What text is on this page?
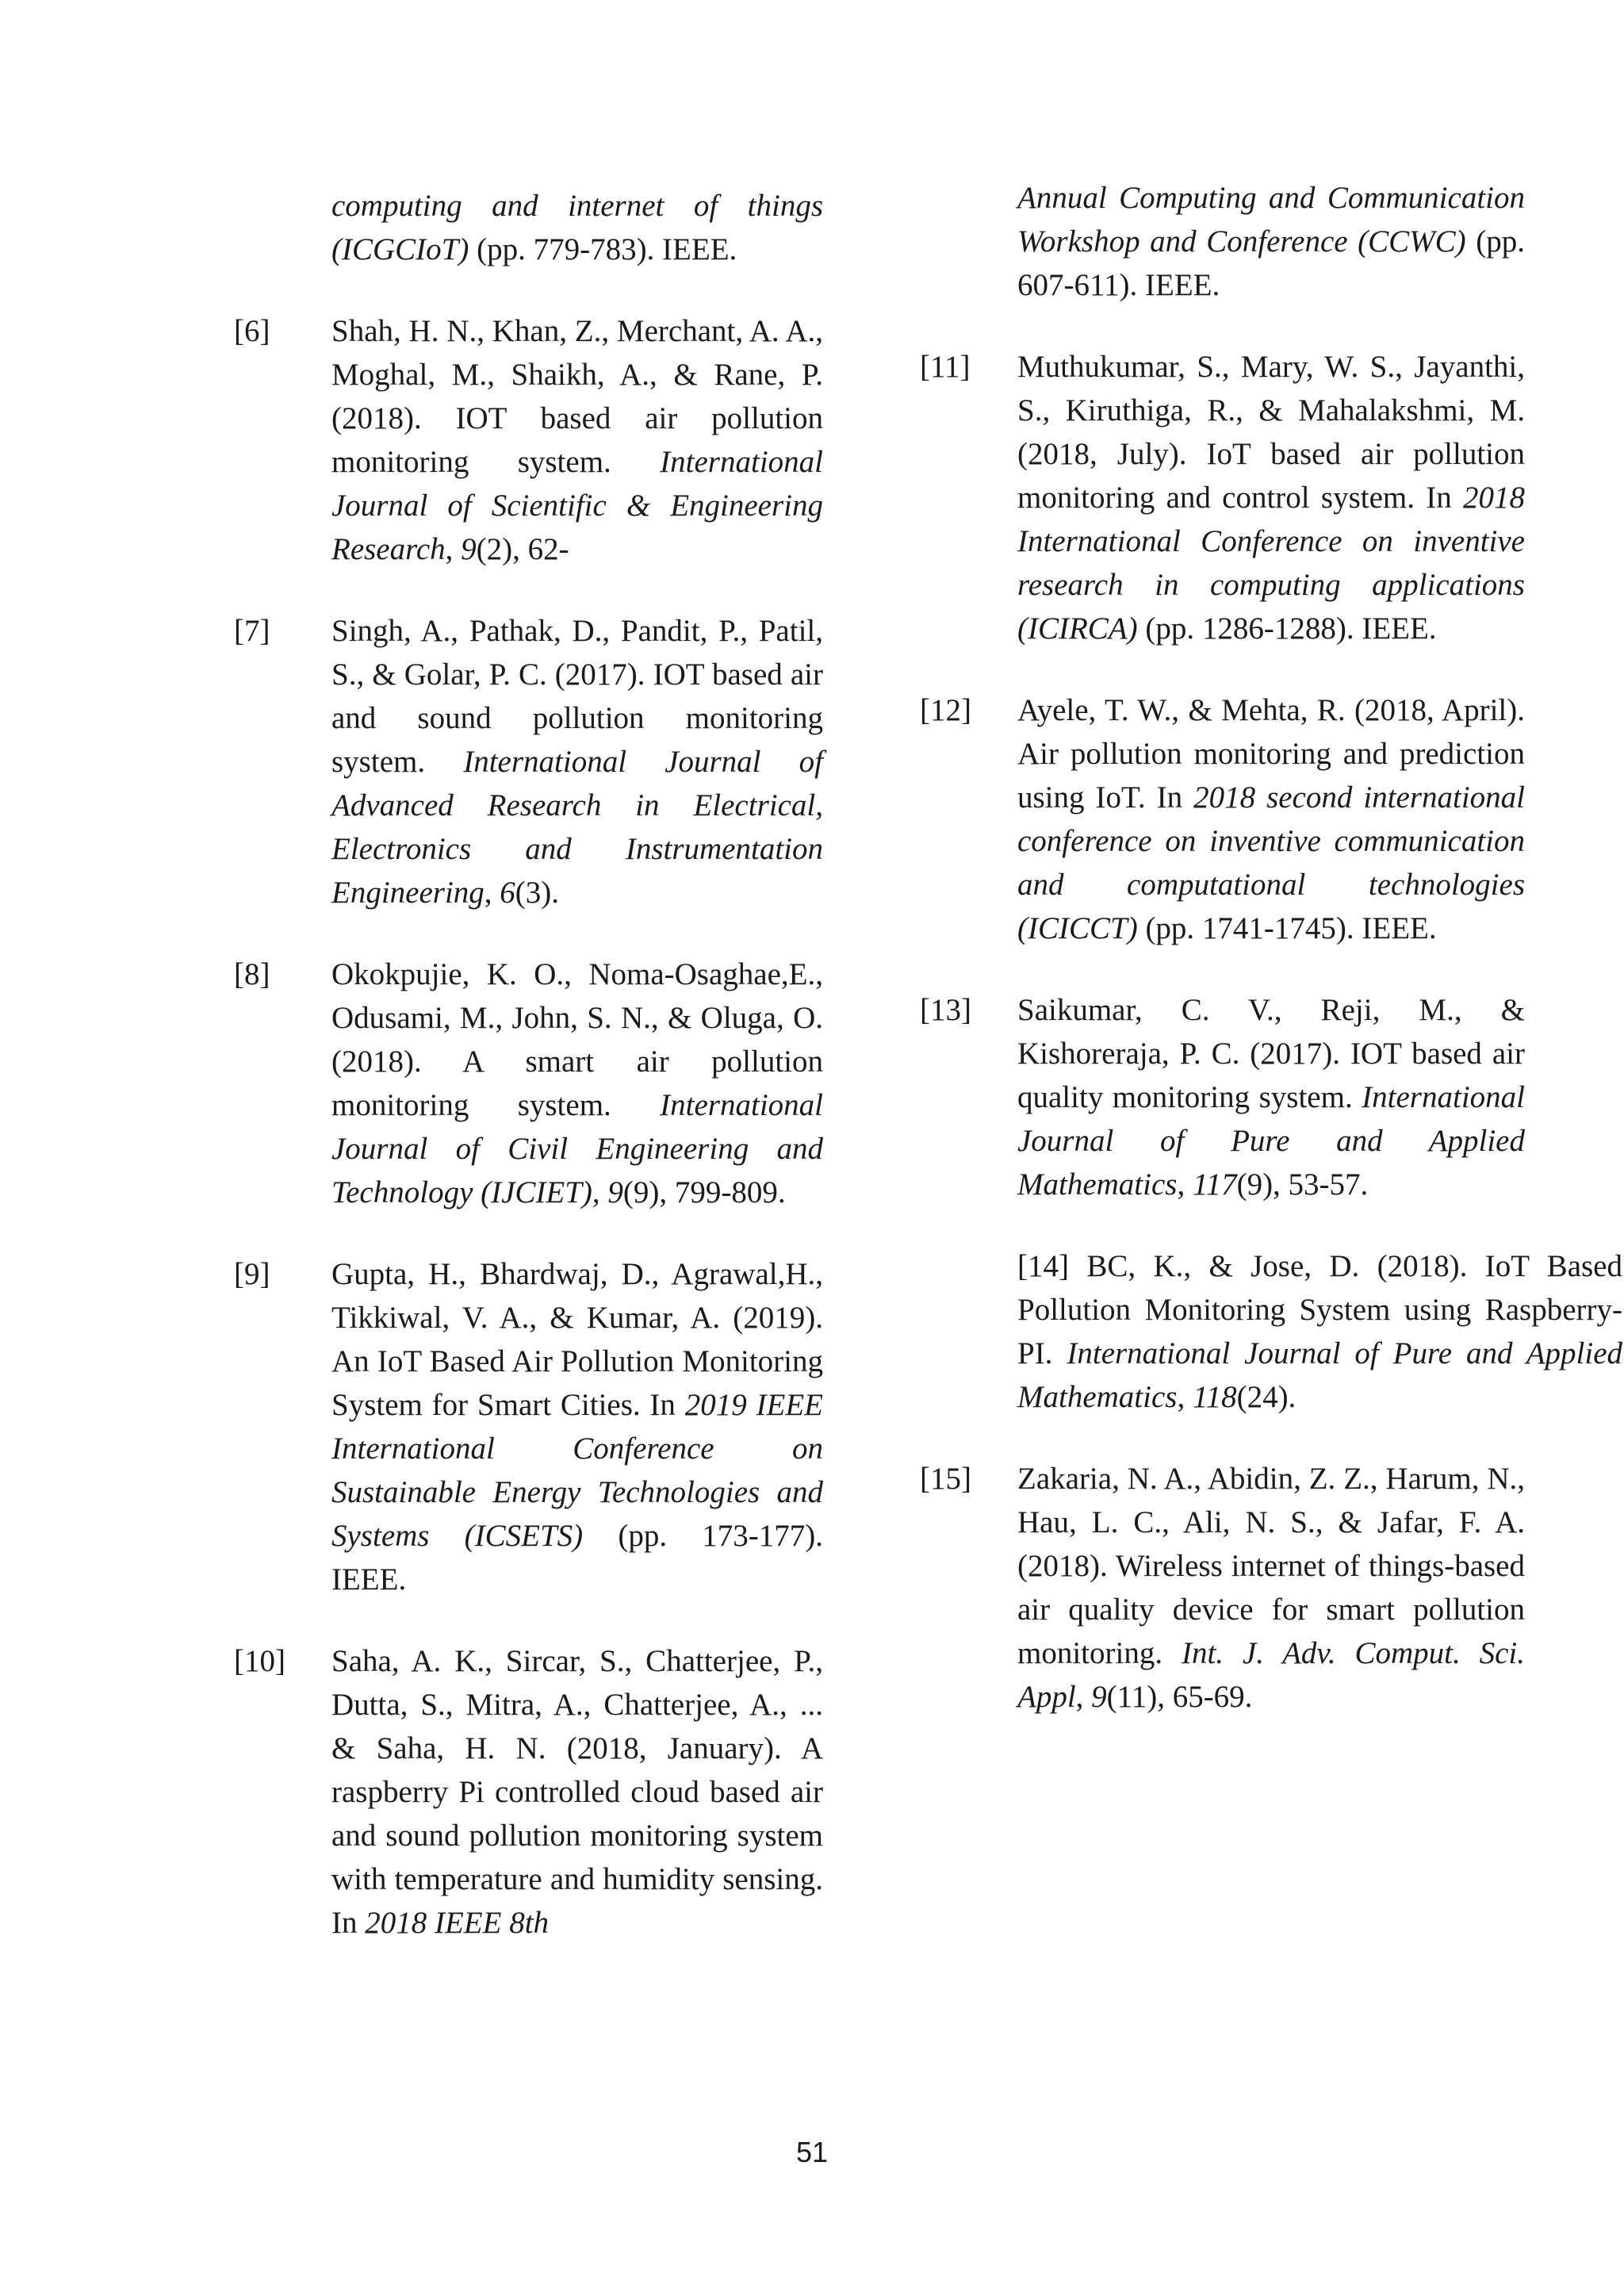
computing and internet of things (ICGCIoT) (pp. 779-783). IEEE.
[6] Shah, H. N., Khan, Z., Merchant, A. A., Moghal, M., Shaikh, A., & Rane, P. (2018). IOT based air pollution monitoring system. International Journal of Scientific & Engineering Research, 9(2), 62-
[7] Singh, A., Pathak, D., Pandit, P., Patil, S., & Golar, P. C. (2017). IOT based air and sound pollution monitoring system. International Journal of Advanced Research in Electrical, Electronics and Instrumentation Engineering, 6(3).
[8] Okokpujie, K. O., Noma-Osaghae,E., Odusami, M., John, S. N., & Oluga, O. (2018). A smart air pollution monitoring system. International Journal of Civil Engineering and Technology (IJCIET), 9(9), 799-809.
[9] Gupta, H., Bhardwaj, D., Agrawal,H., Tikkiwal, V. A., & Kumar, A. (2019). An IoT Based Air Pollution Monitoring System for Smart Cities. In 2019 IEEE International Conference on Sustainable Energy Technologies and Systems (ICSETS) (pp. 173-177). IEEE.
[10] Saha, A. K., Sircar, S., Chatterjee, P., Dutta, S., Mitra, A., Chatterjee, A., ... & Saha, H. N. (2018, January). A raspberry Pi controlled cloud based air and sound pollution monitoring system with temperature and humidity sensing. In 2018 IEEE 8th
Annual Computing and Communication Workshop and Conference (CCWC) (pp. 607-611). IEEE.
[11] Muthukumar, S., Mary, W. S., Jayanthi, S., Kiruthiga, R., & Mahalakshmi, M. (2018, July). IoT based air pollution monitoring and control system. In 2018 International Conference on inventive research in computing applications (ICIRCA) (pp. 1286-1288). IEEE.
[12] Ayele, T. W., & Mehta, R. (2018, April). Air pollution monitoring and prediction using IoT. In 2018 second international conference on inventive communication and computational technologies (ICICCT) (pp. 1741-1745). IEEE.
[13] Saikumar, C. V., Reji, M., & Kishoreraja, P. C. (2017). IOT based air quality monitoring system. International Journal of Pure and Applied Mathematics, 117(9), 53-57.
[14] BC, K., & Jose, D. (2018). IoT Based Pollution Monitoring System using Raspberry-PI. International Journal of Pure and Applied Mathematics, 118(24).
[15] Zakaria, N. A., Abidin, Z. Z., Harum, N., Hau, L. C., Ali, N. S., & Jafar, F. A. (2018). Wireless internet of things-based air quality device for smart pollution monitoring. Int. J. Adv. Comput. Sci. Appl, 9(11), 65-69.
51
